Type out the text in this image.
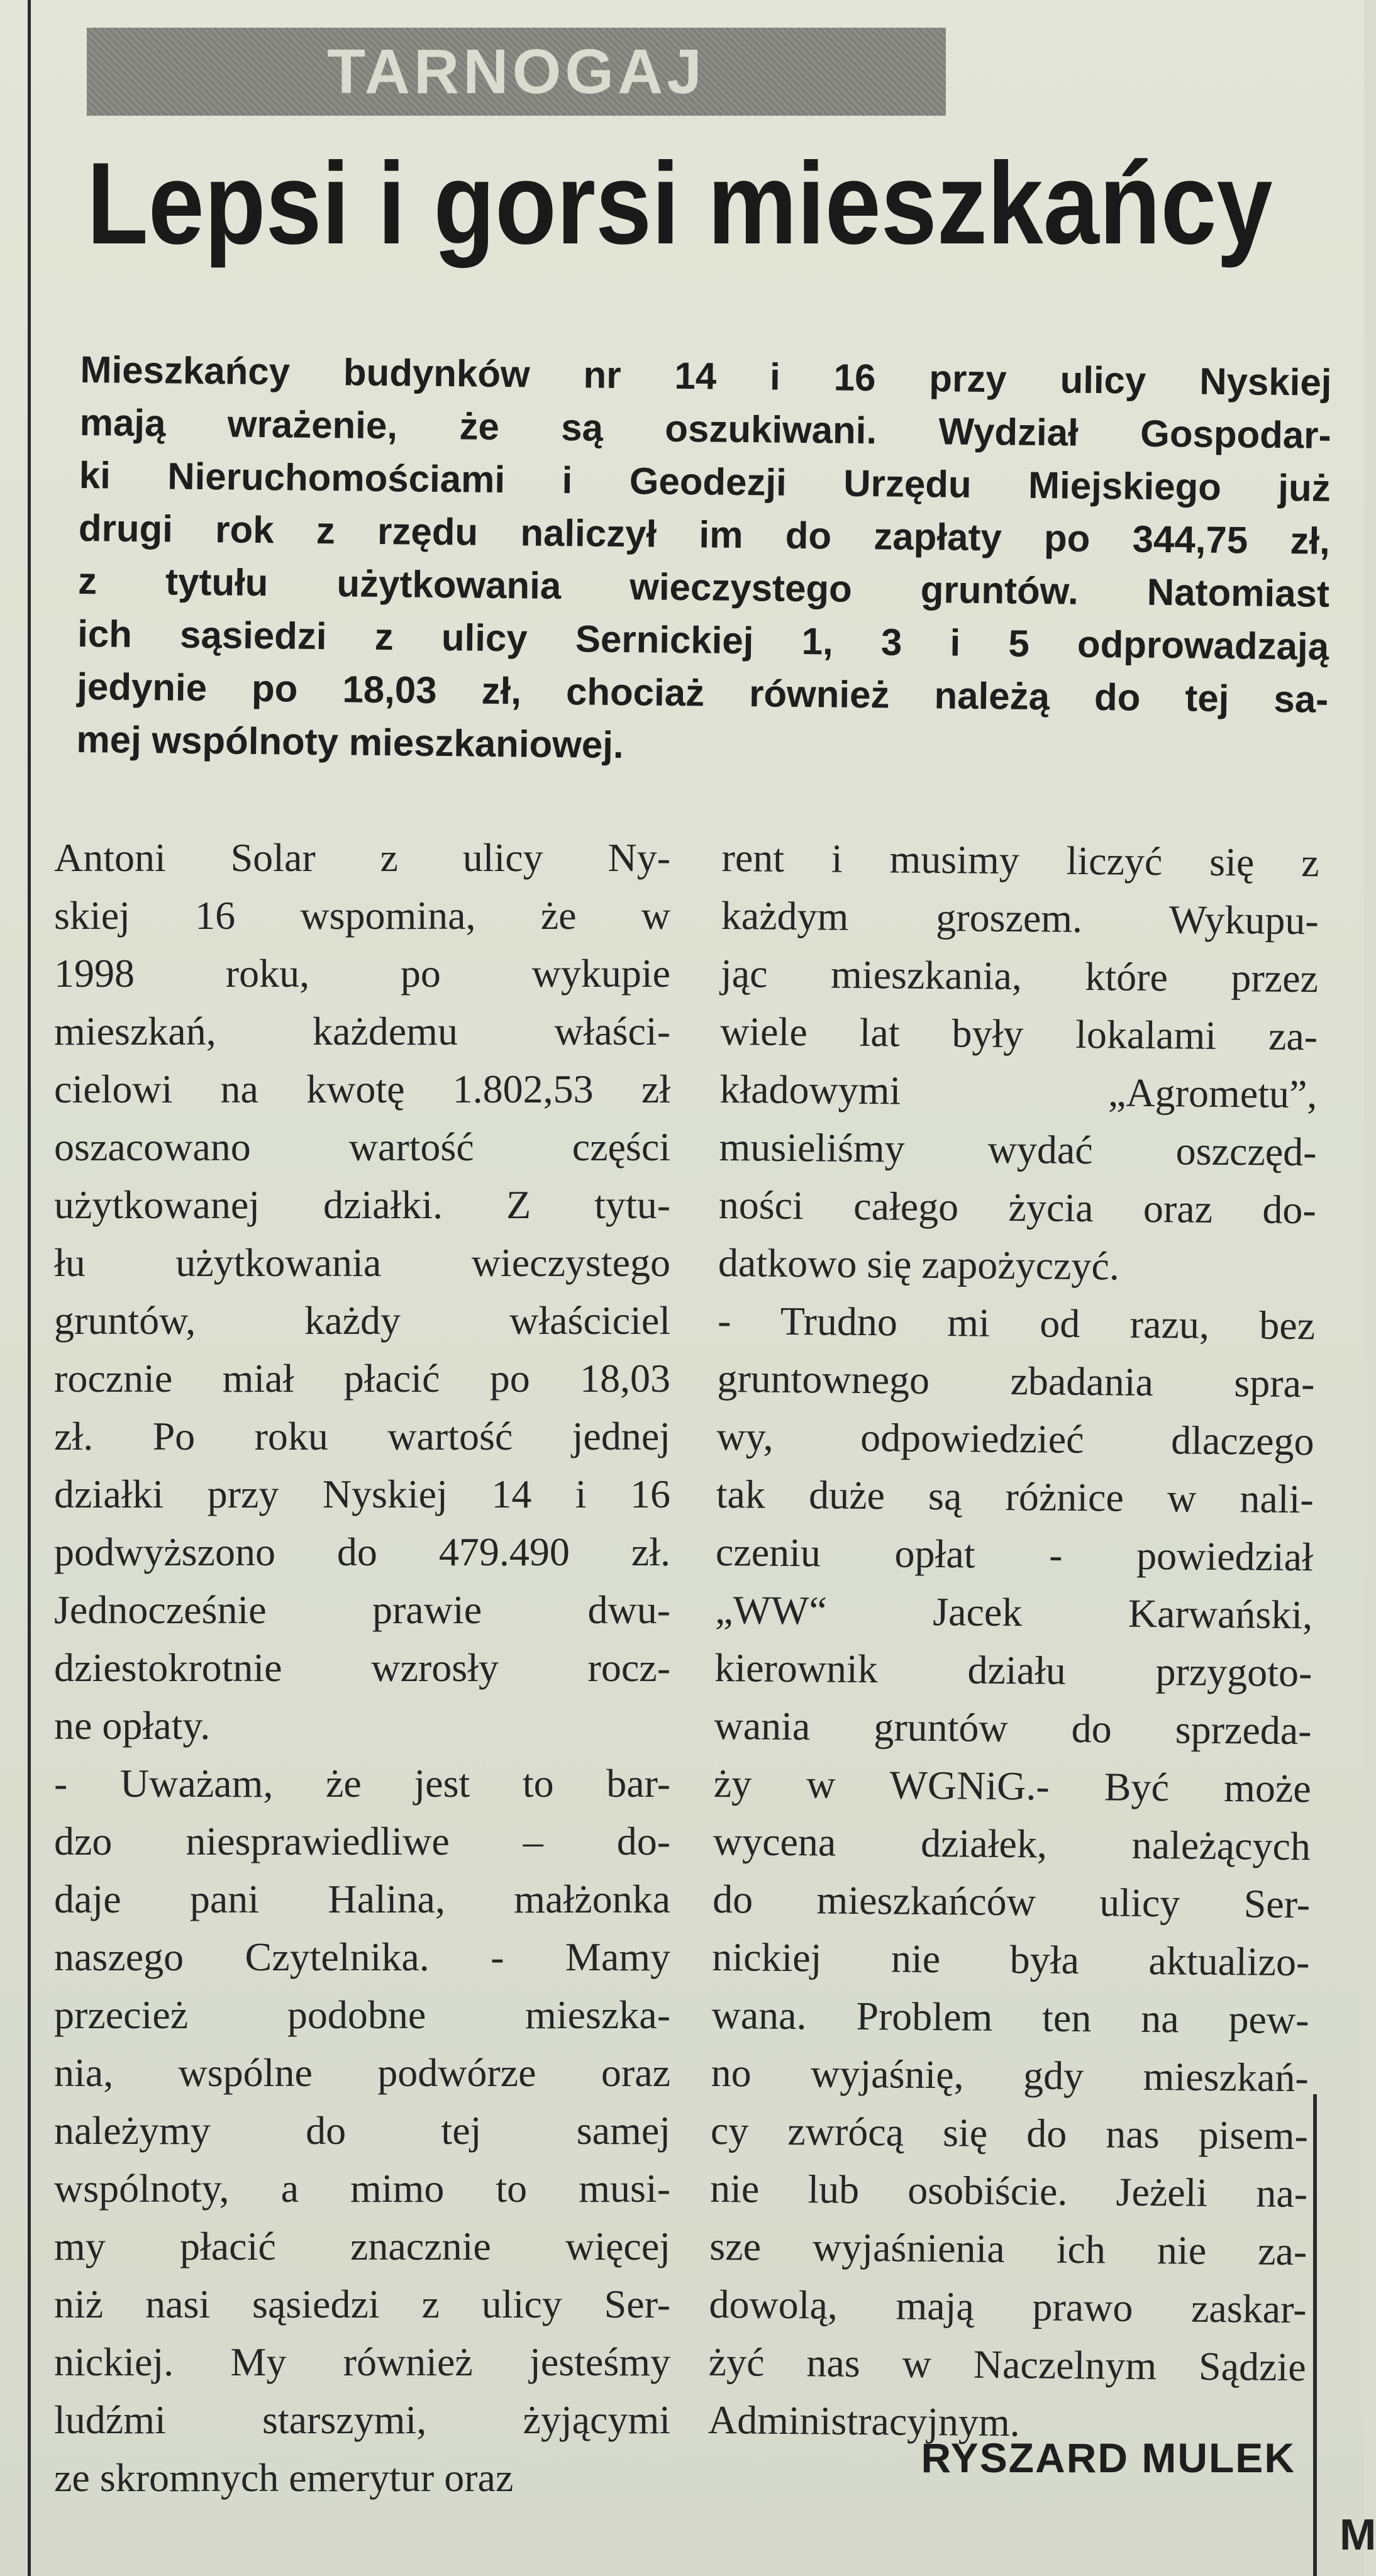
M
TARNOGAJ
Lepsi i gorsi mieszkańcy
Mieszkańcy budynków nr 14 i 16 przy ulicy Nyskiej
mają wrażenie, że są oszukiwani. Wydział Gospodar-
ki Nieruchomościami i Geodezji Urzędu Miejskiego już
drugi rok z rzędu naliczył im do zapłaty po 344,75 zł,
z tytułu użytkowania wieczystego gruntów. Natomiast
ich sąsiedzi z ulicy Sernickiej 1, 3 i 5 odprowadzają
jedynie po 18,03 zł, chociaż również należą do tej sa-
mej wspólnoty mieszkaniowej.
Antoni Solar z ulicy Ny-
skiej 16 wspomina, że w
1998 roku, po wykupie
mieszkań, każdemu właści-
cielowi na kwotę 1.802,53 zł
oszacowano wartość części
użytkowanej działki. Z tytu-
łu użytkowania wieczystego
gruntów, każdy właściciel
rocznie miał płacić po 18,03
zł. Po roku wartość jednej
działki przy Nyskiej 14 i 16
podwyższono do 479.490 zł.
Jednocześnie prawie dwu-
dziestokrotnie wzrosły rocz-
ne opłaty.
- Uważam, że jest to bar-
dzo niesprawiedliwe – do-
daje pani Halina, małżonka
naszego Czytelnika. - Mamy
przecież podobne mieszka-
nia, wspólne podwórze oraz
należymy do tej samej
wspólnoty, a mimo to musi-
my płacić znacznie więcej
niż nasi sąsiedzi z ulicy Ser-
nickiej. My również jesteśmy
ludźmi starszymi, żyjącymi
ze skromnych emerytur oraz
rent i musimy liczyć się z
każdym groszem. Wykupu-
jąc mieszkania, które przez
wiele lat były lokalami za-
kładowymi „Agrometu”,
musieliśmy wydać oszczęd-
ności całego życia oraz do-
datkowo się zapożyczyć.
- Trudno mi od razu, bez
gruntownego zbadania spra-
wy, odpowiedzieć dlaczego
tak duże są różnice w nali-
czeniu opłat - powiedział
„WW“ Jacek Karwański,
kierownik działu przygoto-
wania gruntów do sprzeda-
ży w WGNiG.- Być może
wycena działek, należących
do mieszkańców ulicy Ser-
nickiej nie była aktualizo-
wana. Problem ten na pew-
no wyjaśnię, gdy mieszkań-
cy zwrócą się do nas pisem-
nie lub osobiście. Jeżeli na-
sze wyjaśnienia ich nie za-
dowolą, mają prawo zaskar-
żyć nas w Naczelnym Sądzie
Administracyjnym.
RYSZARD MULEK
